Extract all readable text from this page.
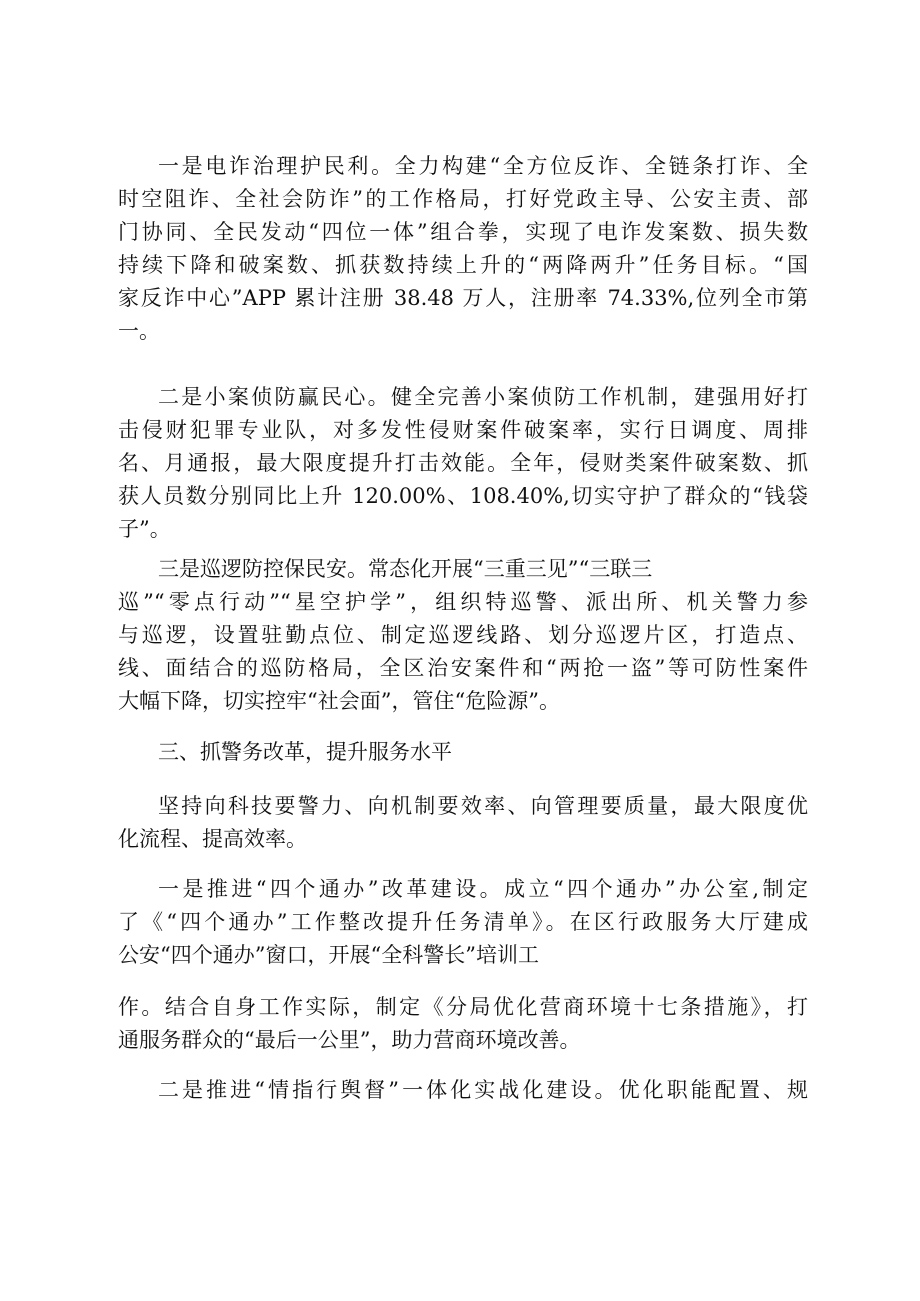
一是电诈治理护民利。全力构建“全方位反诈、全链条打诈、全
时空阻诈、全社会防诈”的工作格局，打好党政主导、公安主责、部
门协同、全民发动“四位一体”组合拳，实现了电诈发案数、损失数
持续下降和破案数、抓获数持续上升的“两降两升”任务目标。“国
家反诈中心”APP 累计注册 38.48 万人，注册率 74.33%,位列全市第
一。

二是小案侦防赢民心。健全完善小案侦防工作机制，建强用好打
击侵财犯罪专业队，对多发性侵财案件破案率，实行日调度、周排
名、月通报，最大限度提升打击效能。全年，侵财类案件破案数、抓
获人员数分别同比上升 120.00%、108.40%,切实守护了群众的“钱袋
子”。

三是巡逻防控保民安。常态化开展“三重三见”“三联三
巡”“零点行动”“星空护学”，组织特巡警、派出所、机关警力参
与巡逻，设置驻勤点位、制定巡逻线路、划分巡逻片区，打造点、
线、面结合的巡防格局，全区治安案件和“两抢一盗”等可防性案件
大幅下降，切实控牢“社会面”，管住“危险源”。

三、抓警务改革，提升服务水平

坚持向科技要警力、向机制要效率、向管理要质量，最大限度优
化流程、提高效率。

一是推进“四个通办”改革建设。成立“四个通办”办公室,制定
了《“四个通办”工作整改提升任务清单》。在区行政服务大厅建成
公安“四个通办”窗口，开展“全科警长”培训工

作。结合自身工作实际，制定《分局优化营商环境十七条措施》，打
通服务群众的“最后一公里”，助力营商环境改善。

二是推进“情指行舆督”一体化实战化建设。优化职能配置、规
